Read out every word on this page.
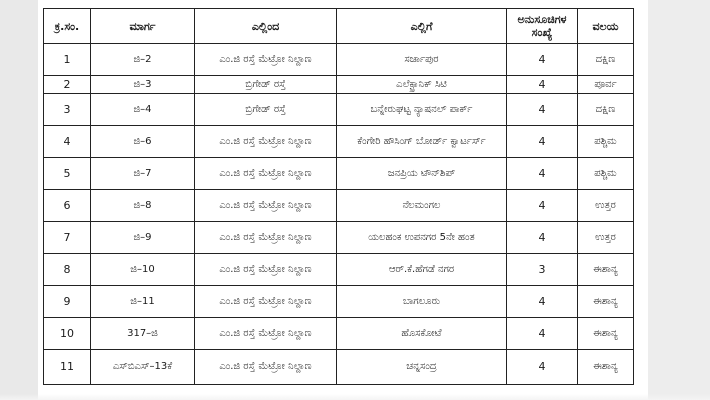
ಕ್ರ.ಸಂ.	ಮಾರ್ಗ	ಎಲ್ಲಿಂದ	ಎಲ್ಲಿಗೆ	ಅನುಸೂಚಿಗಳ ಸಂಖ್ಯೆ	ವಲಯ
1	ಜಿ–2	ಎಂ.ಜಿ ರಸ್ತೆ ಮೆಟ್ರೋ ನಿಲ್ದಾಣ	ಸರ್ಜಾಪುರ	4	ದಕ್ಷಿಣ
2	ಜಿ–3	ಬ್ರಿಗೇಡ್ ರಸ್ತೆ	ಎಲೆಕ್ಟ್ರಾನಿಕ್ ಸಿಟಿ	4	ಪೂರ್ವ
3	ಜಿ–4	ಬ್ರಿಗೇಡ್ ರಸ್ತೆ	ಬನ್ನೇರುಘಟ್ಟ ನ್ಯಾಷನಲ್ ಪಾರ್ಕ್	4	ದಕ್ಷಿಣ
4	ಜಿ–6	ಎಂ.ಜಿ ರಸ್ತೆ ಮೆಟ್ರೋ ನಿಲ್ದಾಣ	ಕೆಂಗೇರಿ ಹೌಸಿಂಗ್ ಬೋರ್ಡ್ ಕ್ವಾರ್ಟರ್ಸ್	4	ಪಶ್ಚಿಮ
5	ಜಿ–7	ಎಂ.ಜಿ ರಸ್ತೆ ಮೆಟ್ರೋ ನಿಲ್ದಾಣ	ಜನಪ್ರಿಯ ಟೌನ್‌ಶಿಪ್	4	ಪಶ್ಚಿಮ
6	ಜಿ–8	ಎಂ.ಜಿ ರಸ್ತೆ ಮೆಟ್ರೋ ನಿಲ್ದಾಣ	ನೆಲಮಂಗಲ	4	ಉತ್ತರ
7	ಜಿ–9	ಎಂ.ಜಿ ರಸ್ತೆ ಮೆಟ್ರೋ ನಿಲ್ದಾಣ	ಯಲಹಂಕ ಉಪನಗರ 5ನೇ ಹಂತ	4	ಉತ್ತರ
8	ಜಿ–10	ಎಂ.ಜಿ ರಸ್ತೆ ಮೆಟ್ರೋ ನಿಲ್ದಾಣ	ಆರ್.ಕೆ.ಹೆಗಡೆ ನಗರ	3	ಈಶಾನ್ಯ
9	ಜಿ–11	ಎಂ.ಜಿ ರಸ್ತೆ ಮೆಟ್ರೋ ನಿಲ್ದಾಣ	ಬಾಗಲೂರು	4	ಈಶಾನ್ಯ
10	317–ಜಿ	ಎಂ.ಜಿ ರಸ್ತೆ ಮೆಟ್ರೋ ನಿಲ್ದಾಣ	ಹೊಸಕೋಟೆ	4	ಈಶಾನ್ಯ
11	ಎಸ್‌ಬಿಎಸ್–13ಕೆ	ಎಂ.ಜಿ ರಸ್ತೆ ಮೆಟ್ರೋ ನಿಲ್ದಾಣ	ಚನ್ನಸಂದ್ರ	4	ಈಶಾನ್ಯ
